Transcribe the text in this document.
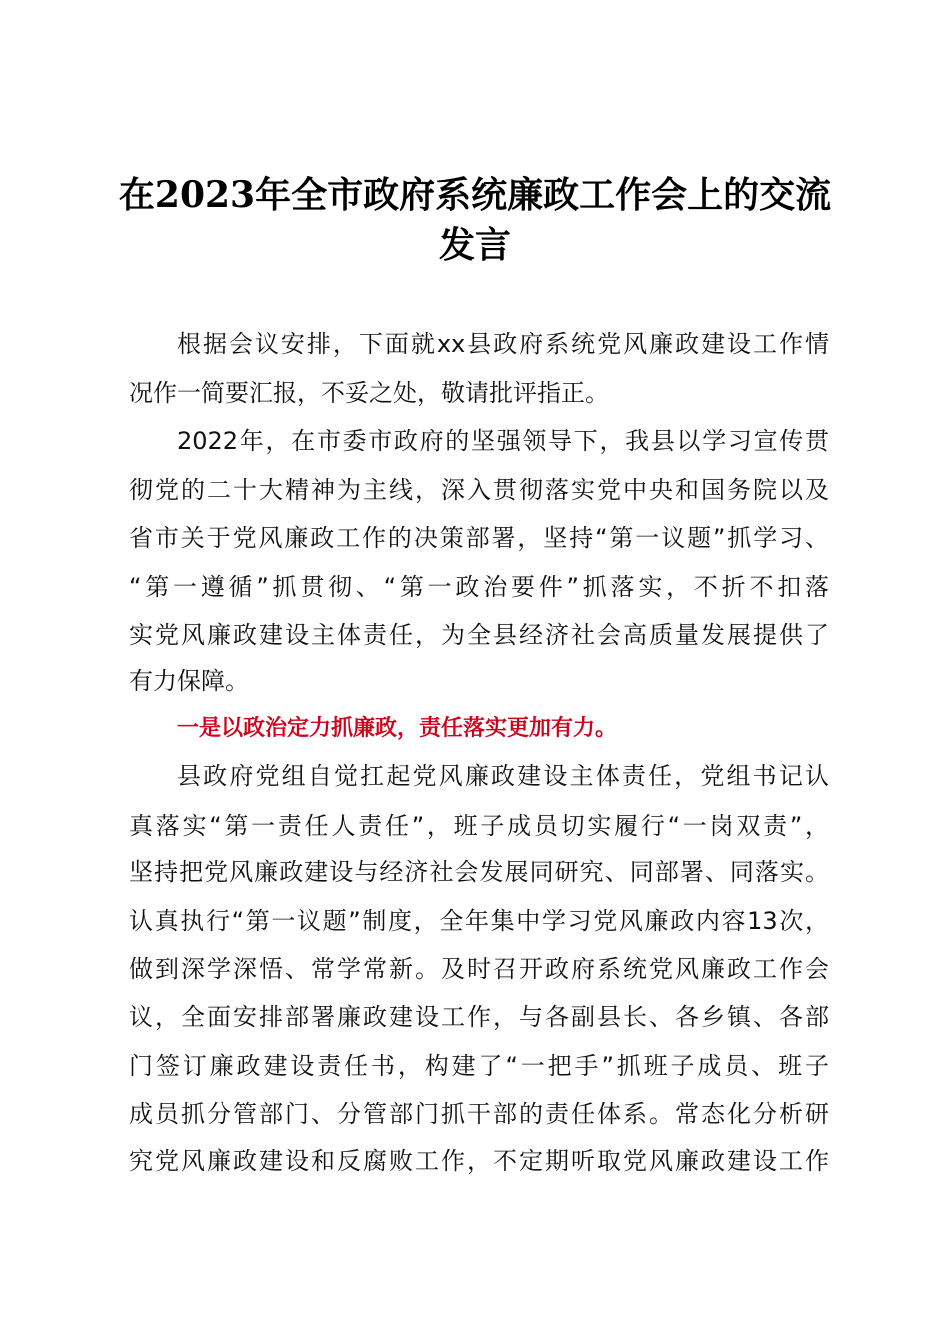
在2023年全市政府系统廉政工作会上的交流
发言
根据会议安排，下面就xx县政府系统党风廉政建设工作情
况作一简要汇报，不妥之处，敬请批评指正。
2022年，在市委市政府的坚强领导下，我县以学习宣传贯
彻党的二十大精神为主线，深入贯彻落实党中央和国务院以及
省市关于党风廉政工作的决策部署，坚持“第一议题”抓学习、
“第一遵循”抓贯彻、“第一政治要件”抓落实，不折不扣落
实党风廉政建设主体责任，为全县经济社会高质量发展提供了
有力保障。
一是以政治定力抓廉政，责任落实更加有力。
县政府党组自觉扛起党风廉政建设主体责任，党组书记认
真落实“第一责任人责任”，班子成员切实履行“一岗双责”，
坚持把党风廉政建设与经济社会发展同研究、同部署、同落实。
认真执行“第一议题”制度，全年集中学习党风廉政内容13次，
做到深学深悟、常学常新。及时召开政府系统党风廉政工作会
议，全面安排部署廉政建设工作，与各副县长、各乡镇、各部
门签订廉政建设责任书，构建了“一把手”抓班子成员、班子
成员抓分管部门、分管部门抓干部的责任体系。常态化分析研
究党风廉政建设和反腐败工作，不定期听取党风廉政建设工作
